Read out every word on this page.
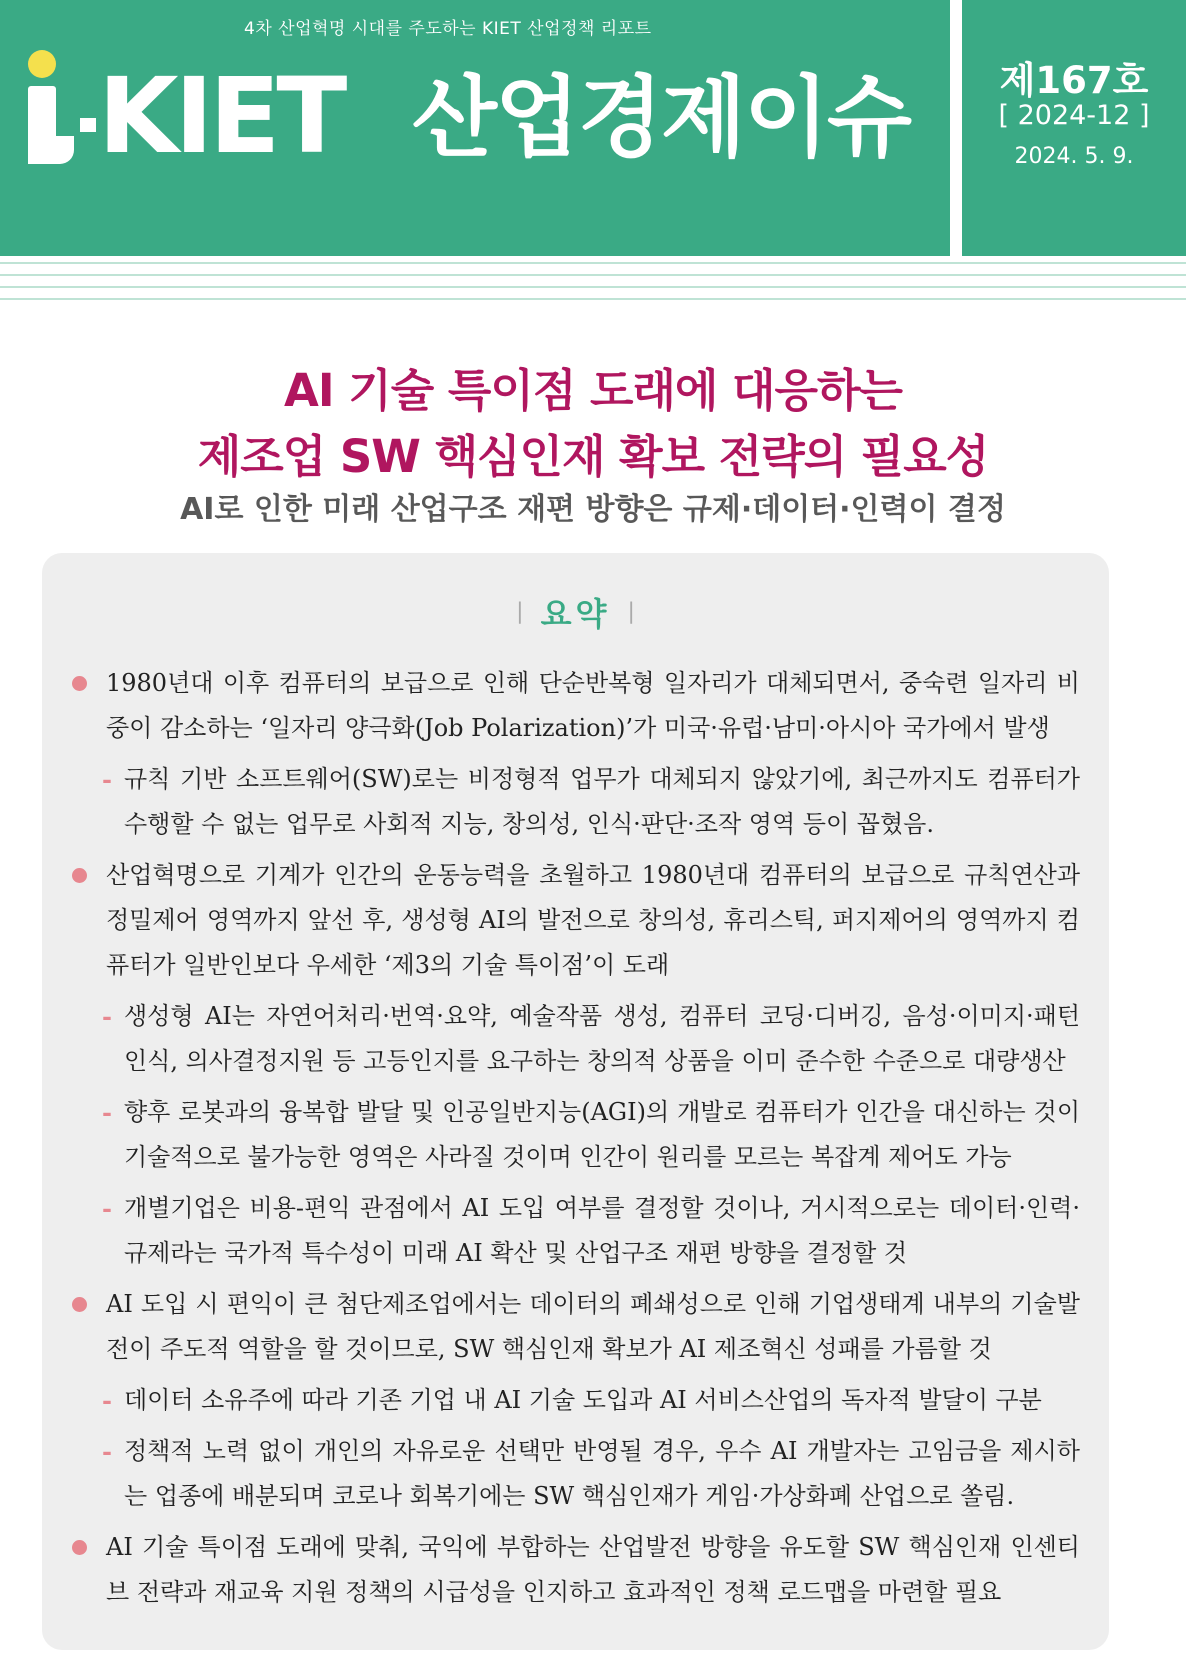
4차 산업혁명 시대를 주도하는 KIET 산업정책 리포트
KIET 산업경제이슈	제167호
[ 2024-12 ]
2024. 5. 9.
AI 기술 특이점 도래에 대응하는
제조업 SW 핵심인재 확보 전략의 필요성
AI로 인한 미래 산업구조 재편 방향은 규제·데이터·인력이 결정
| 요약 |
1980년대 이후 컴퓨터의 보급으로 인해 단순반복형 일자리가 대체되면서, 중숙련 일자리 비중이 감소하는 ‘일자리 양극화(Job Polarization)’가 미국·유럽·남미·아시아 국가에서 발생
- 규칙 기반 소프트웨어(SW)로는 비정형적 업무가 대체되지 않았기에, 최근까지도 컴퓨터가 수행할 수 없는 업무로 사회적 지능, 창의성, 인식·판단·조작 영역 등이 꼽혔음.
산업혁명으로 기계가 인간의 운동능력을 초월하고 1980년대 컴퓨터의 보급으로 규칙연산과 정밀제어 영역까지 앞선 후, 생성형 AI의 발전으로 창의성, 휴리스틱, 퍼지제어의 영역까지 컴퓨터가 일반인보다 우세한 ‘제3의 기술 특이점’이 도래
- 생성형 AI는 자연어처리·번역·요약, 예술작품 생성, 컴퓨터 코딩·디버깅, 음성·이미지·패턴 인식, 의사결정지원 등 고등인지를 요구하는 창의적 상품을 이미 준수한 수준으로 대량생산
- 향후 로봇과의 융복합 발달 및 인공일반지능(AGI)의 개발로 컴퓨터가 인간을 대신하는 것이 기술적으로 불가능한 영역은 사라질 것이며 인간이 원리를 모르는 복잡계 제어도 가능
- 개별기업은 비용-편익 관점에서 AI 도입 여부를 결정할 것이나, 거시적으로는 데이터·인력·규제라는 국가적 특수성이 미래 AI 확산 및 산업구조 재편 방향을 결정할 것
AI 도입 시 편익이 큰 첨단제조업에서는 데이터의 폐쇄성으로 인해 기업생태계 내부의 기술발전이 주도적 역할을 할 것이므로, SW 핵심인재 확보가 AI 제조혁신 성패를 가름할 것
- 데이터 소유주에 따라 기존 기업 내 AI 기술 도입과 AI 서비스산업의 독자적 발달이 구분
- 정책적 노력 없이 개인의 자유로운 선택만 반영될 경우, 우수 AI 개발자는 고임금을 제시하는 업종에 배분되며 코로나 회복기에는 SW 핵심인재가 게임·가상화폐 산업으로 쏠림.
AI 기술 특이점 도래에 맞춰, 국익에 부합하는 산업발전 방향을 유도할 SW 핵심인재 인센티브 전략과 재교육 지원 정책의 시급성을 인지하고 효과적인 정책 로드맵을 마련할 필요
